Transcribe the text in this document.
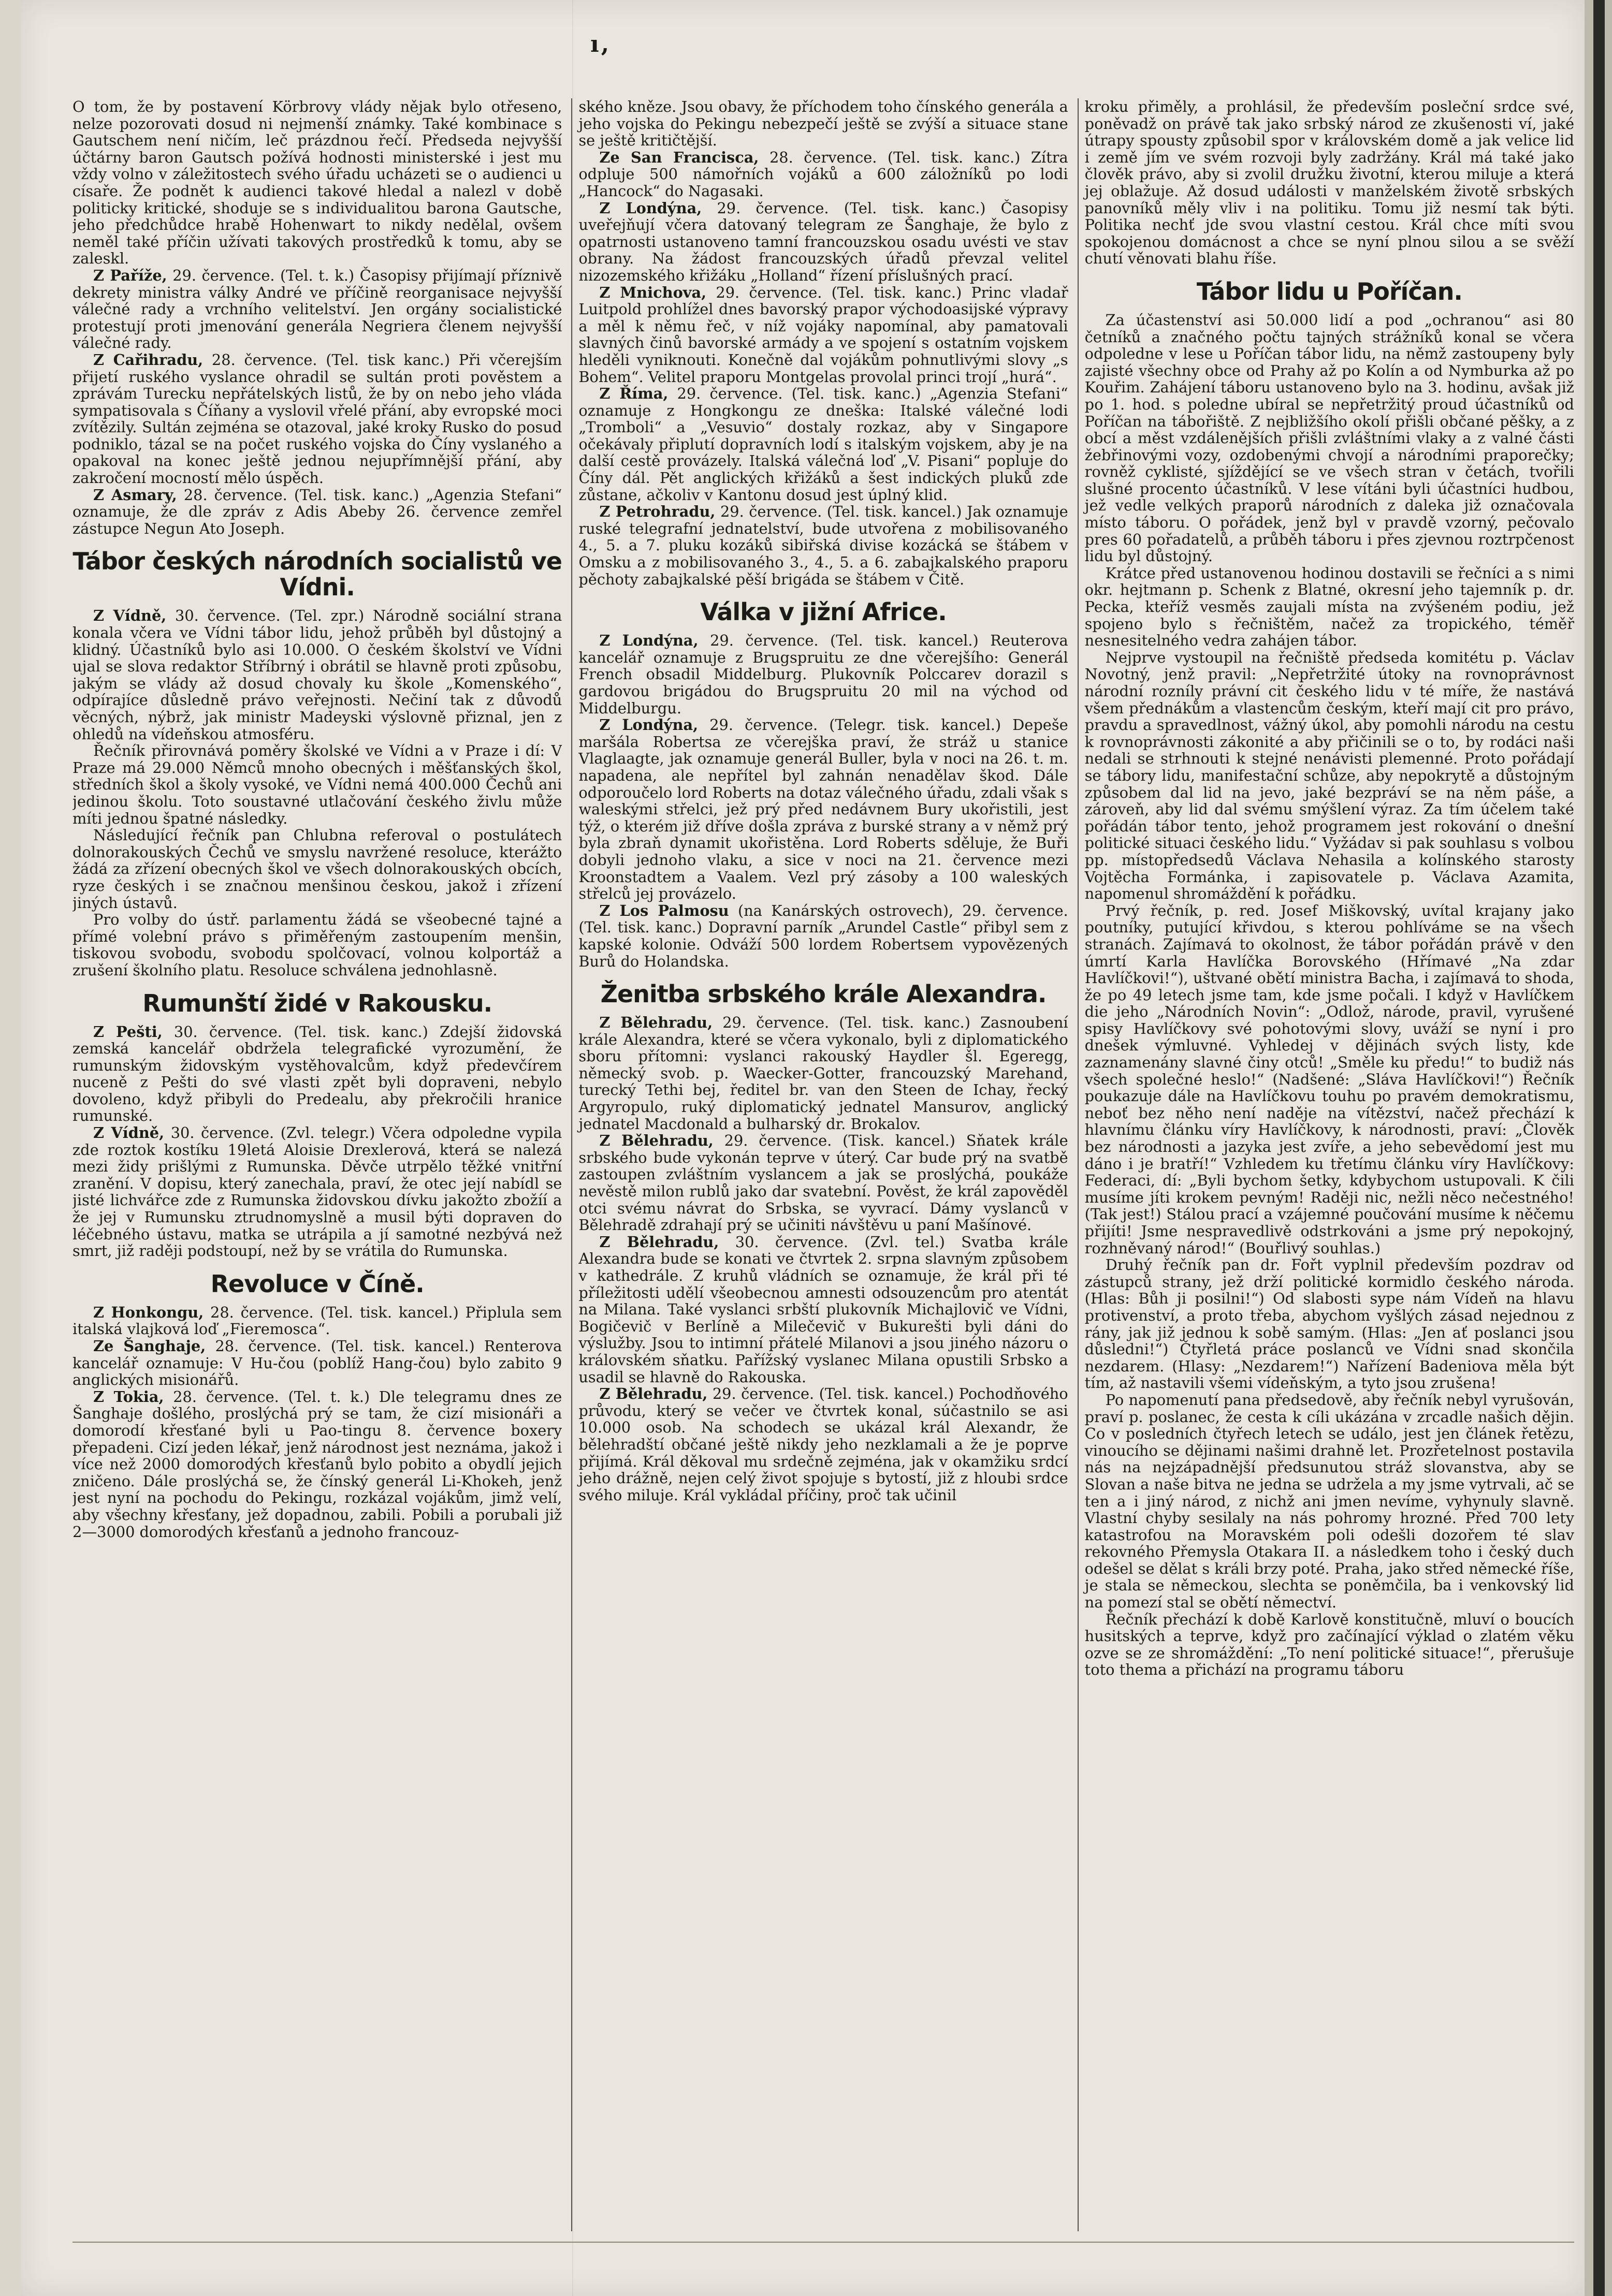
ı,

O tom, že by postavení Körbrovy vlády nějak bylo otřeseno, nelze pozorovati dosud ni nejmenší známky. Také kombinace s Gautschem není ničím, leč prázdnou řečí. Předseda nejvyšší účtárny baron Gautsch požívá hodnosti ministerské i jest mu vždy volno v záležitostech svého úřadu ucházeti se o audienci u císaře. Že podnět k audienci takové hledal a nalezl v době politicky kritické, shoduje se s individualitou barona Gautsche, jeho předchůdce hrabě Hohenwart to nikdy nedělal, ovšem neměl také příčin užívati takových prostředků k tomu, aby se zaleskl.

Z Paříže, 29. července. (Tel. t. k.) Časopisy přijímají příznivě dekrety ministra války André ve příčině reorganisace nejvyšší válečné rady a vrchního velitelství. Jen orgány socialistické protestují proti jmenování generála Negriera členem nejvyšší válečné rady.

Z Cařihradu, 28. července. (Tel. tisk kanc.) Při včerejším přijetí ruského vyslance ohradil se sultán proti pověstem a zprávám Turecku nepřátelských listů, že by on nebo jeho vláda sympatisovala s Číňany a vyslovil vřelé přání, aby evropské moci zvítězily. Sultán zejména se otazoval, jaké kroky Rusko do posud podniklo, tázal se na počet ruského vojska do Číny vyslaného a opakoval na konec ještě jednou nejupřímnější přání, aby zakročení mocností mělo úspěch.

Z Asmary, 28. července. (Tel. tisk. kanc.) „Agenzia Stefani“ oznamuje, že dle zpráv z Adis Abeby 26. července zemřel zástupce Negun Ato Joseph.

Tábor českých národních socialistů ve Vídni.

Z Vídně, 30. července. (Tel. zpr.) Národně sociální strana konala včera ve Vídni tábor lidu, jehož průběh byl důstojný a klidný. Účastníků bylo asi 10.000. O českém školství ve Vídni ujal se slova redaktor Stříbrný i obrátil se hlavně proti způsobu, jakým se vlády až dosud chovaly ku škole „Komenského“, odpírajíce důsledně právo veřejnosti. Nečiní tak z důvodů věcných, nýbrž, jak ministr Madeyski výslovně přiznal, jen z ohledů na vídeňskou atmosféru.

Řečník přirovnává poměry školské ve Vídni a v Praze i dí: V Praze má 29.000 Němců mnoho obecných i měšťanských škol, středních škol a školy vysoké, ve Vídni nemá 400.000 Čechů ani jedinou školu. Toto soustavné utlačování českého živlu může míti jednou špatné následky.

Následující řečník pan Chlubna referoval o postulátech dolnorakouských Čechů ve smyslu navržené resoluce, kterážto žádá za zřízení obecných škol ve všech dolnorakouských obcích, ryze českých i se značnou menšinou českou, jakož i zřízení jiných ústavů.

Pro volby do ústř. parlamentu žádá se všeobecné tajné a přímé volební právo s přiměřeným zastoupením menšin, tiskovou svobodu, svobodu spolčovací, volnou kolportáž a zrušení školního platu. Resoluce schválena jednohlasně.

Rumunští židé v Rakousku.

Z Pešti, 30. července. (Tel. tisk. kanc.) Zdejší židovská zemská kancelář obdržela telegrafické vyrozumění, že rumunským židovským vystěhovalcům, když předevčírem nuceně z Pešti do své vlasti zpět byli dopraveni, nebylo dovoleno, když přibyli do Predealu, aby překročili hranice rumunské.

Z Vídně, 30. července. (Zvl. telegr.) Včera odpoledne vypila zde roztok kostíku 19letá Aloisie Drexlerová, která se nalezá mezi židy prišlými z Rumunska. Děvče utrpělo těžké vnitřní zranění. V dopisu, který zanechala, praví, že otec její nabídl se jisté lichvářce zde z Rumunska židovskou dívku jakožto zbožíí a že jej v Rumunsku ztrudnomyslně a musil býti dopraven do léčebného ústavu, matka se utrápila a jí samotné nezbývá než smrt, již raději podstoupí, než by se vrátila do Rumunska.

Revoluce v Číně.

Z Honkongu, 28. července. (Tel. tisk. kancel.) Připlula sem italská vlajková loď „Fieremosca“.

Ze Šanghaje, 28. července. (Tel. tisk. kancel.) Renterova kancelář oznamuje: V Hu-čou (poblíž Hang-čou) bylo zabito 9 anglických misionářů.

Z Tokia, 28. července. (Tel. t. k.) Dle telegramu dnes ze Šanghaje došlého, proslýchá prý se tam, že cizí misionáři a domorodí křesťané byli u Pao-tingu 8. července boxery přepadeni. Cizí jeden lékař, jenž národnost jest neznáma, jakož i více než 2000 domorodých křesťanů bylo pobito a obydlí jejich zničeno. Dále proslýchá se, že čínský generál Li-Khokeh, jenž jest nyní na pochodu do Pekingu, rozkázal vojákům, jimž velí, aby všechny křesťany, jež dopadnou, zabili. Pobili a porubali již 2—3000 domorodých křesťanů a jednoho francouz-

ského kněze. Jsou obavy, že příchodem toho čínského generála a jeho vojska do Pekingu nebezpečí ještě se zvýší a situace stane se ještě kritičtější.

Ze San Francisca, 28. července. (Tel. tisk. kanc.) Zítra odpluje 500 námořních vojáků a 600 záložníků po lodi „Hancock“ do Nagasaki.

Z Londýna, 29. července. (Tel. tisk. kanc.) Časopisy uveřejňují včera datovaný telegram ze Šanghaje, že bylo z opatrnosti ustanoveno tamní francouzskou osadu uvésti ve stav obrany. Na žádost francouzských úřadů převzal velitel nizozemského křižáku „Holland“ řízení příslušných prací.

Z Mnichova, 29. července. (Tel. tisk. kanc.) Princ vladař Luitpold prohlížel dnes bavorský prapor východoasijské výpravy a měl k němu řeč, v níž vojáky napomínal, aby pamatovali slavných činů bavorské armády a ve spojení s ostatním vojskem hleděli vyniknouti. Konečně dal vojákům pohnutlivými slovy „s Bohem“. Velitel praporu Montgelas provolal princi trojí „hurá“.

Z Říma, 29. července. (Tel. tisk. kanc.) „Agenzia Stefani“ oznamuje z Hongkongu ze dneška: Italské válečné lodi „Tromboli“ a „Vesuvio“ dostaly rozkaz, aby v Singapore očekávaly připlutí dopravních lodí s italským vojskem, aby je na další cestě provázely. Italská válečná loď „V. Pisani“ popluje do Číny dál. Pět anglických křižáků a šest indických pluků zde zůstane, ačkoliv v Kantonu dosud jest úplný klid.

Z Petrohradu, 29. července. (Tel. tisk. kancel.) Jak oznamuje ruské telegrafní jednatelství, bude utvořena z mobilisovaného 4., 5. a 7. pluku kozáků sibiřská divise kozácká se štábem v Omsku a z mobilisovaného 3., 4., 5. a 6. zabajkalského praporu pěchoty zabajkalské pěší brigáda se štábem v Čitě.

Válka v jižní Africe.

Z Londýna, 29. července. (Tel. tisk. kancel.) Reuterova kancelář oznamuje z Brugspruitu ze dne včerejšího: Generál French obsadil Middelburg. Plukovník Polccarev dorazil s gardovou brigádou do Brugspruitu 20 mil na východ od Middelburgu.

Z Londýna, 29. července. (Telegr. tisk. kancel.) Depeše maršála Robertsa ze včerejška praví, že stráž u stanice Vlaglaagte, jak oznamuje generál Buller, byla v noci na 26. t. m. napadena, ale nepřítel byl zahnán nenadělav škod. Dále odporoučelo lord Roberts na dotaz válečného úřadu, zdali však s waleskými střelci, jež prý před nedávnem Bury ukořistili, jest týž, o kterém již dříve došla zpráva z burské strany a v němž prý byla zbraň dynamit ukořistěna. Lord Roberts sděluje, že Buři dobyli jednoho vlaku, a sice v noci na 21. července mezi Kroonstadtem a Vaalem. Vezl prý zásoby a 100 waleských střelců jej provázelo.

Z Los Palmosu (na Kanárských ostrovech), 29. července. (Tel. tisk. kanc.) Dopravní parník „Arundel Castle“ přibyl sem z kapské kolonie. Odváží 500 lordem Robertsem vypovězených Burů do Holandska.

Ženitba srbského krále Alexandra.

Z Bělehradu, 29. července. (Tel. tisk. kanc.) Zasnoubení krále Alexandra, které se včera vykonalo, byli z diplomatického sboru přítomni: vyslanci rakouský Haydler šl. Egeregg, německý svob. p. Waecker-Gotter, francouzský Marehand, turecký Tethi bej, ředitel br. van den Steen de Ichay, řecký Argyropulo, ruký diplomatický jednatel Mansurov, anglický jednatel Macdonald a bulharský dr. Brokalov.

Z Bělehradu, 29. července. (Tisk. kancel.) Sňatek krále srbského bude vykonán teprve v úterý. Car bude prý na svatbě zastoupen zvláštním vyslancem a jak se proslýchá, poukáže nevěstě milon rublů jako dar svatební. Pověst, že král zapověděl otci svému návrat do Srbska, se vyvrací. Dámy vyslanců v Bělehradě zdrahají prý se učiniti návštěvu u paní Mašínové.

Z Bělehradu, 30. července. (Zvl. tel.) Svatba krále Alexandra bude se konati ve čtvrtek 2. srpna slavným způsobem v kathedrále. Z kruhů vládních se oznamuje, že král při té příležitosti udělí všeobecnou amnesti odsouzencům pro atentát na Milana. Také vyslanci srbští plukovník Michajlovič ve Vídni, Bogičevič v Berlíně a Milečevič v Bukurešti byli dáni do výslužby. Jsou to intimní přátelé Milanovi a jsou jiného názoru o královském sňatku. Pařížský vyslanec Milana opustili Srbsko a usadil se hlavně do Rakouska.

Z Bělehradu, 29. července. (Tel. tisk. kancel.) Pochodňového průvodu, který se večer ve čtvrtek konal, súčastnilo se asi 10.000 osob. Na schodech se ukázal král Alexandr, že bělehradští občané ještě nikdy jeho nezklamali a že je poprve přijímá. Král děkoval mu srdečně zejména, jak v okamžiku srdcí jeho drážně, nejen celý život spojuje s bytostí, již z hloubi srdce svého miluje. Král vykládal příčiny, proč tak učinil

kroku přiměly, a prohlásil, že především posleční srdce své, poněvadž on právě tak jako srbský národ ze zkušenosti ví, jaké útrapy spousty způsobil spor v královském domě a jak velice lid i země jím ve svém rozvoji byly zadržány. Král má také jako člověk právo, aby si zvolil družku životní, kterou miluje a která jej oblažuje. Až dosud události v manželském životě srbských panovníků měly vliv i na politiku. Tomu již nesmí tak býti. Politika nechť jde svou vlastní cestou. Král chce míti svou spokojenou domácnost a chce se nyní plnou silou a se svěží chutí věnovati blahu říše.

Tábor lidu u Poříčan.

Za účastenství asi 50.000 lidí a pod „ochranou“ asi 80 četníků a značného počtu tajných strážníků konal se včera odpoledne v lese u Poříčan tábor lidu, na němž zastoupeny byly zajisté všechny obce od Prahy až po Kolín a od Nymburka až po Kouřim. Zahájení táboru ustanoveno bylo na 3. hodinu, avšak již po 1. hod. s poledne ubíral se nepřetržitý proud účastníků od Poříčan na tábořiště. Z nejbližšího okolí přišli občané pěšky, a z obcí a měst vzdálenějších přišli zvláštními vlaky a z valné části žebřinovými vozy, ozdobenými chvojí a národními praporečky; rovněž cyklisté, sjíždějící se ve všech stran v četách, tvořili slušné procento účastníků. V lese vítáni byli účastníci hudbou, jež vedle velkých praporů národních z daleka již označovala místo táboru. O pořádek, jenž byl v pravdě vzorný, pečovalo pres 60 pořadatelů, a průběh táboru i přes zjevnou roztrpčenost lidu byl důstojný.

Krátce před ustanovenou hodinou dostavili se řečníci a s nimi okr. hejtmann p. Schenk z Blatné, okresní jeho tajemník p. dr. Pecka, kteříž vesměs zaujali místa na zvýšeném podiu, jež spojeno bylo s řečništěm, načež za tropického, téměř nesnesitelného vedra zahájen tábor.

Nejprve vystoupil na řečniště předseda komitétu p. Václav Novotný, jenž pravil: „Nepřetržité útoky na rovnoprávnost národní rozníly právní cit českého lidu v té míře, že nastává všem přednákům a vlastencům českým, kteří mají cit pro právo, pravdu a spravedlnost, vážný úkol, aby pomohli národu na cestu k rovnoprávnosti zákonité a aby přičinili se o to, by rodáci naši nedali se strhnouti k stejné nenávisti plemenné. Proto pořádají se tábory lidu, manifestační schůze, aby nepokrytě a důstojným způsobem dal lid na jevo, jaké bezpráví se na něm páše, a zároveň, aby lid dal svému smýšlení výraz. Za tím účelem také pořádán tábor tento, jehož programem jest rokování o dnešní politické situaci českého lidu.“ Vyžádav si pak souhlasu s volbou pp. místopředsedů Václava Nehasila a kolínského starosty Vojtěcha Formánka, i zapisovatele p. Václava Azamita, napomenul shromáždění k pořádku.

Prvý řečník, p. red. Josef Miškovský, uvítal krajany jako poutníky, putující křivdou, s kterou pohlíváme se na všech stranách. Zajímavá to okolnost, že tábor pořádán právě v den úmrtí Karla Havlíčka Borovského (Hřímavé „Na zdar Havlíčkovi!“), uštvané obětí ministra Bacha, i zajímavá to shoda, že po 49 letech jsme tam, kde jsme počali. I když v Havlíčkem die jeho „Národních Novin“: „Odlož, národe, pravil, vyrušené spisy Havlíčkovy své pohotovými slovy, uváží se nyní i pro dnešek výmluvné. Vyhledej v dějinách svých listy, kde zaznamenány slavné činy otců! „Směle ku předu!“ to budiž nás všech společné heslo!“ (Nadšené: „Sláva Havlíčkovi!“) Řečník poukazuje dále na Havlíčkovu touhu po pravém demokratismu, neboť bez něho není naděje na vítězství, načež přechází k hlavnímu článku víry Havlíčkovy, k národnosti, praví: „Člověk bez národnosti a jazyka jest zvíře, a jeho sebevědomí jest mu dáno i je bratří!“ Vzhledem ku třetímu článku víry Havlíčkovy: Federaci, dí: „Byli bychom šetky, kdybychom ustupovali. K čili musíme jíti krokem pevným! Raději nic, nežli něco nečestného! (Tak jest!) Stálou prací a vzájemné poučování musíme k něčemu přijíti! Jsme nespravedlivě odstrkováni a jsme prý nepokojný, rozhněvaný národ!“ (Bouřlivý souhlas.)

Druhý řečník pan dr. Fořt vyplnil především pozdrav od zástupců strany, jež drží politické kormidlo českého národa. (Hlas: Bůh ji posilni!“) Od slabosti sype nám Vídeň na hlavu protivenství, a proto třeba, abychom vyšlých zásad nejednou z rány, jak již jednou k sobě samým. (Hlas: „Jen ať poslanci jsou důsledni!“) Čtyřletá práce poslanců ve Vídni snad skončila nezdarem. (Hlasy: „Nezdarem!“) Nařízení Badeniova měla být tím, až nastavili všemi vídeňským, a tyto jsou zrušena!

Po napomenutí pana předsedově, aby řečník nebyl vyrušován, praví p. poslanec, že cesta k cíli ukázána v zrcadle našich dějin. Co v posledních čtyřech letech se událo, jest jen článek řetězu, vinoucího se dějinami našimi drahně let. Prozřetelnost postavila nás na nejzápadnější předsunutou stráž slovanstva, aby se Slovan a naše bitva ne jedna se udržela a my jsme vytrvali, ač se ten a i jiný národ, z nichž ani jmen nevíme, vyhynuly slavně. Vlastní chyby sesilaly na nás pohromy hrozné. Před 700 lety katastrofou na Moravském poli odešli dozořem té slav rekovného Přemysla Otakara II. a následkem toho i český duch odešel se dělat s králi brzy poté. Praha, jako střed německé říše, je stala se německou, slechta se poněmčila, ba i venkovský lid na pomezí stal se obětí němectví.

Řečník přechází k době Karlově konstitučně, mluví o boucích husitských a teprve, když pro začínající výklad o zlatém věku ozve se ze shromáždění: „To není politické situace!“, přerušuje toto thema a přichází na programu táboru
